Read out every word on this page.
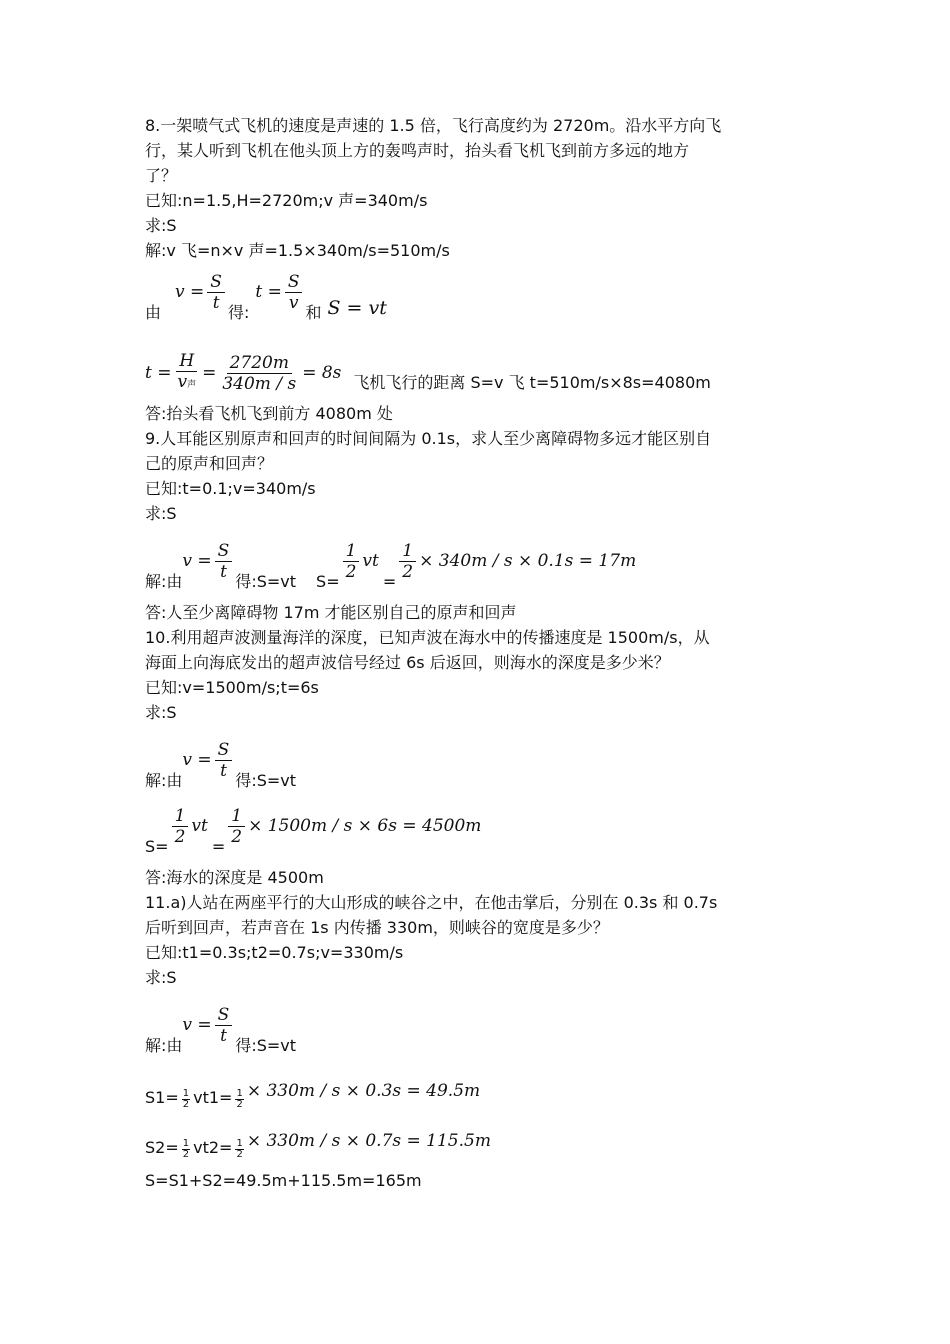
8.一架喷气式飞机的速度是声速的 1.5 倍，飞行高度约为 2720m。沿水平方向飞
行，某人听到飞机在他头顶上方的轰鸣声时，抬头看飞机飞到前方多远的地方
了？
已知:n=1.5,H=2720m;v 声=340m/s
求:S
解:v 飞=n×v 声=1.5×340m/s=510m/s
由
$v = \frac{S}{t}$ 得:
$t = \frac{S}{v}$ 和 S = vt
$t = \frac{H}{\text{v声}} = \frac{2720m}{340m / s} = 8s$ 飞机飞行的距离 S=v 飞 t=510m/s×8s=4080m
答:抬头看飞机飞到前方 4080m 处
9.人耳能区别原声和回声的时间间隔为 0.1s，求人至少离障碍物多远才能区别自
己的原声和回声？
已知:t=0.1;v=340m/s
求:S
解:由
$v = \frac{S}{t}$ 得:S=vt $S= \frac{1}{2}$ vt
= $\frac{1}{2} \times 340m / s \times 0.1s = 17m$
答:人至少离障碍物 17m 才能区别自己的原声和回声
10.利用超声波测量海洋的深度，已知声波在海水中的传播速度是 1500m/s，从
海面上向海底发出的超声波信号经过 6s 后返回，则海水的深度是多少米？
已知:v=1500m/s;t=6s
求:S
解:由
$v = \frac{S}{t}$ 得:S=vt
$S= \frac{1}{2}$ vt
= $\frac{1}{2} \times 1500m / s \times 6s = 4500m$
答:海水的深度是 4500m
11.a)人站在两座平行的大山形成的峡谷之中，在他击掌后，分别在 0.3s 和 0.7s
后听到回声，若声音在 1s 内传播 330m，则峡谷的宽度是多少？
已知:t1=0.3s;t2=0.7s;v=330m/s
求:S
解:由
$v = \frac{S}{t}$ 得:S=vt
$S1= \frac{1}{2} vt1= \frac{1}{2} \times 330m / s \times 0.3s = 49.5m$
$S2= \frac{1}{2} vt2= \frac{1}{2} \times 330m / s \times 0.7s = 115.5m$
S=S1+S2=49.5m+115.5m=165m
